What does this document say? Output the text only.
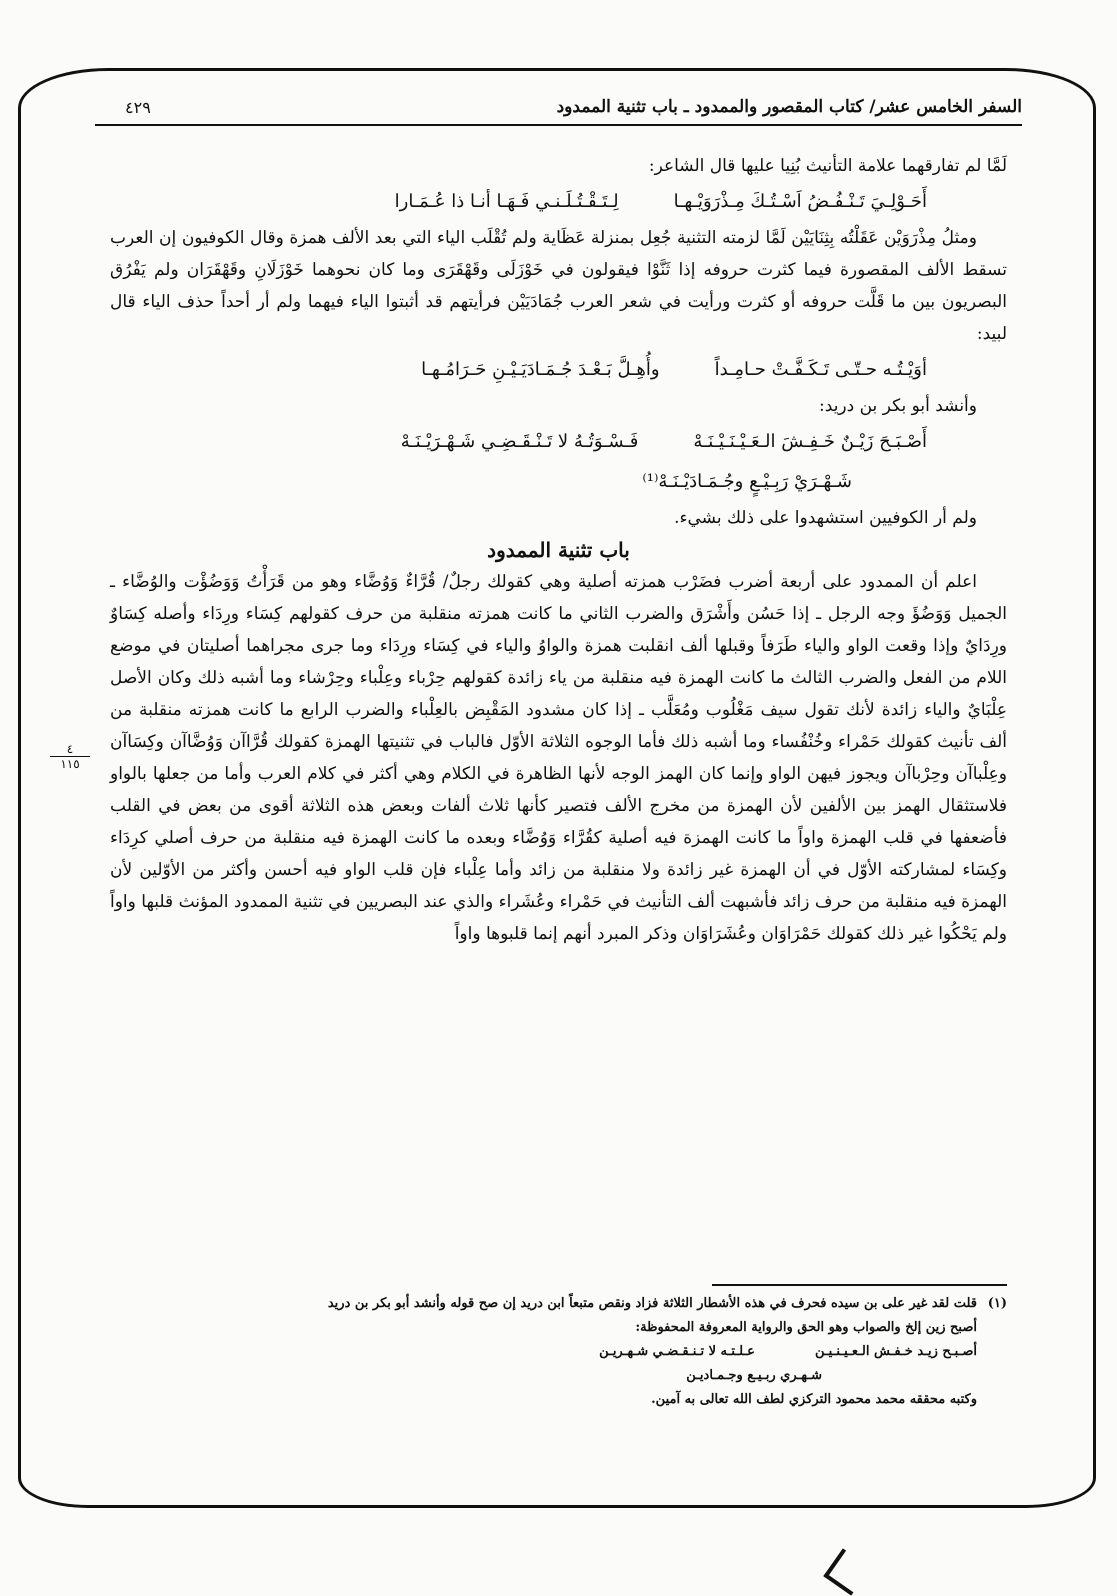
السفر الخامس عشر/ كتاب المقصور والممدود ـ باب تثنية الممدود
٤٢٩
٤
١١٥

لَمَّا لم تفارقهما علامة التأنيث بُنِيا عليها قال الشاعر:

أَحَـوْلِـيَ تَـنْـفُـضُ اَسْـتُـكَ مِـذْرَوَيْـهـا
لِـتَـقْـتُـلَـنـي فَـهَـا أنـا ذا عُـمَـارا

ومثلُ مِذْرَوَيْن عَقَلْتُه بِثِنَايَيْن لَمَّا لزمته التثنية جُعِل بمنزلة عَظَاية ولم تُقْلَب الياء التي بعد الألف همزة وقال الكوفيون إن العرب تسقط الألف المقصورة فيما كثرت حروفه إذا ثَنَّوْا فيقولون في خَوْزَلَى وقَهْقَرَى وما كان نحوهما خَوْزَلَانِ وقَهْقَرَان ولم يَفْرُق البصريون بين ما قَلَّت حروفه أو كثرت ورأيت في شعر العرب جُمَادَيَيْن فرأيتهم قد أثبتوا الياء فيهما ولم أر أحداً حذف الياء قال لبيد:

أوَيْـتُـه حـتّـى تَـكَـفَّـتْ حـامِـداً
وأُهِـلَّ بَـعْـدَ جُـمَـادَيَـيْـنِ حَـرَامُـهـا

وأنشد أبو بكر بن دريد:

أَصْـبَـحَ زَيْـنٌ خَـفِـشَ الـعَـيْـنَـيْـنَـهْ
فَـسْـوَتُـهُ لا تَـنْـقَـضِـي شَـهْـرَيْـنَـهْ
شَـهْـرَيْ رَبِـيْـعٍ وجُـمَـادَيْـنَـهْ⁽¹⁾

ولم أر الكوفيين استشهدوا على ذلك بشيء.

باب تثنية الممدود

اعلم أن الممدود على أربعة أضرب فضَرْب همزته أصلية وهي كقولك رجلٌ/ قُرَّاءٌ وَوُضَّاء وهو من قَرَأْتُ وَوَضُؤْت والوُضَّاء ـ الجميل وَوَضُؤَ وجه الرجل ـ إذا حَسُن وأَشْرَق والضرب الثاني ما كانت همزته منقلبة من حرف كقولهم كِسَاء ورِدَاء وأصله كِسَاوٌ ورِدَايٌ وإذا وقعت الواو والياء طَرَفاً وقبلها ألف انقلبت همزة والواوُ والياء في كِسَاء ورِدَاء وما جرى مجراهما أصليتان في موضع اللام من الفعل والضرب الثالث ما كانت الهمزة فيه منقلبة من ياء زائدة كقولهم حِرْباء وعِلْباء وحِرْشاء وما أشبه ذلك وكان الأصل عِلْبَايٌ والياء زائدة لأنك تقول سيف مَغْلُوب ومُعَلَّب ـ إذا كان مشدود المَقْبِض بالعِلْباء والضرب الرابع ما كانت همزته منقلبة من ألف تأنيث كقولك حَمْراء وخُنْفُساء وما أشبه ذلك فأما الوجوه الثلاثة الأوّل فالباب في تثنيتها الهمزة كقولك قُرَّاآن وَوُضَّاآن وكِسَاآن وعِلْباآن وحِرْباآن ويجوز فيهن الواو وإنما كان الهمز الوجه لأنها الظاهرة في الكلام وهي أكثر في كلام العرب وأما من جعلها بالواو فلاستثقال الهمز بين الألفين لأن الهمزة من مخرج الألف فتصير كأنها ثلاث ألفات وبعض هذه الثلاثة أقوى من بعض في القلب فأضعفها في قلب الهمزة واواً ما كانت الهمزة فيه أصلية كقُرَّاء وَوُضَّاء وبعده ما كانت الهمزة فيه منقلبة من حرف أصلي كرِدَاء وكِسَاء لمشاركته الأوّل في أن الهمزة غير زائدة ولا منقلبة من زائد وأما عِلْباء فإن قلب الواو فيه أحسن وأكثر من الأوّلين لأن الهمزة فيه منقلبة من حرف زائد فأشبهت ألف التأنيث في حَمْراء وعُشَراء والذي عند البصريين في تثنية الممدود المؤنث قلبها واواً ولم يَحْكُوا غير ذلك كقولك حَمْرَاوَان وعُشَرَاوَان وذكر المبرد أنهم إنما قلبوها واواً

(١)قلت لقد غير على بن سيده فحرف في هذه الأشطار الثلاثة فزاد ونقص متبعاً ابن دريد إن صح قوله وأنشد أبو بكر بن دريد

أصبح زين إلخ والصواب وهو الحق والرواية المعروفة المحفوظة:

أصـبـح زيـد خـفـش الـعـيـنـيـن
عـلـتـه لا تـنـقـضـي شـهـريـن

شـهـري ربـيـع وجـمـاديـن

وكتبه محققه محمد محمود التركزي لطف الله تعالى به آمين.
